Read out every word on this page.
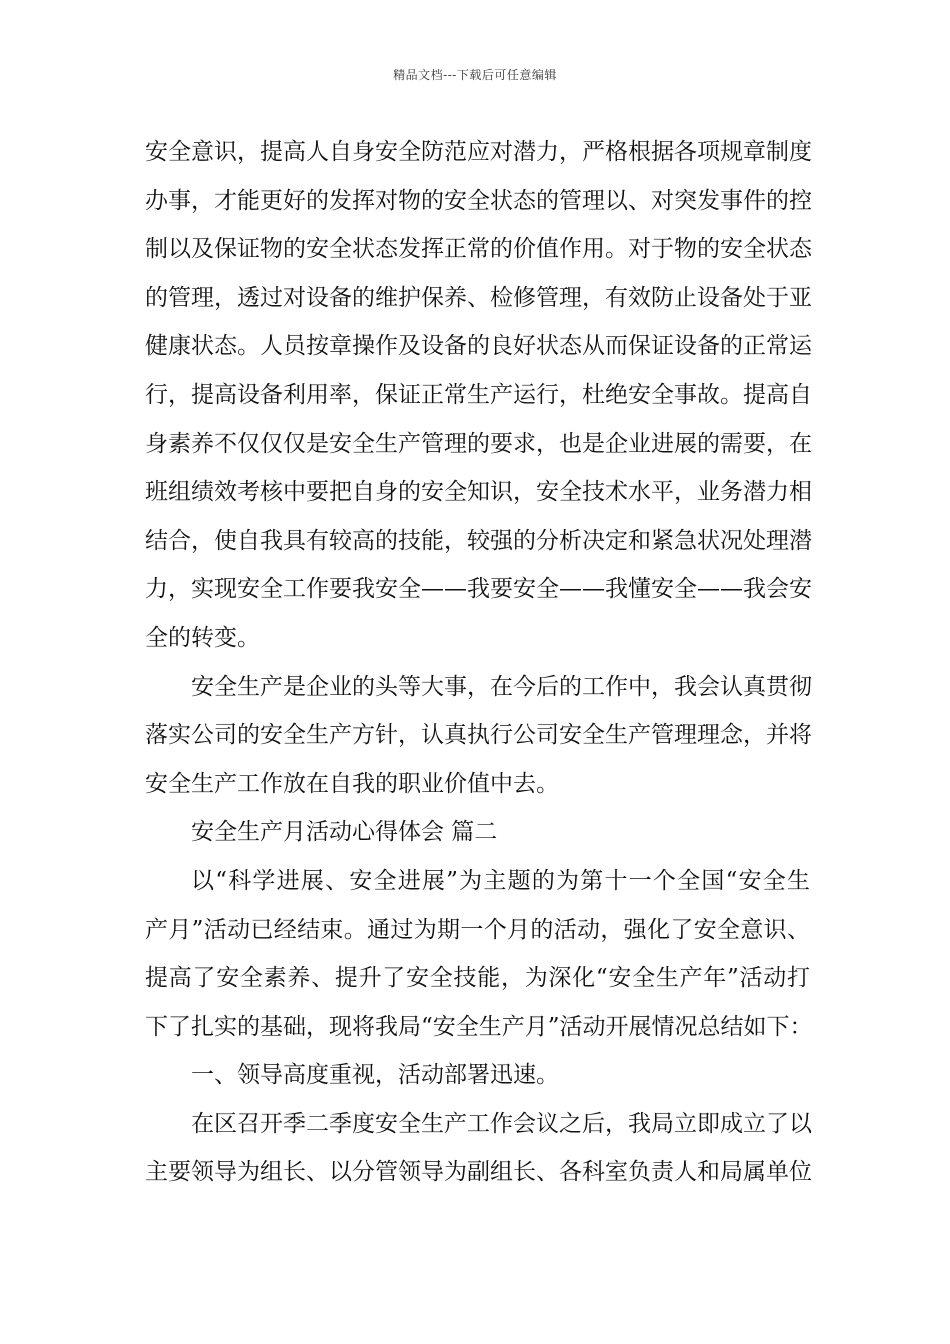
精品文档---下载后可任意编辑
安全意识，提高人自身安全防范应对潜力，严格根据各项规章制度
办事，才能更好的发挥对物的安全状态的管理以、对突发事件的控
制以及保证物的安全状态发挥正常的价值作用。对于物的安全状态
的管理，透过对设备的维护保养、检修管理，有效防止设备处于亚
健康状态。人员按章操作及设备的良好状态从而保证设备的正常运
行，提高设备利用率，保证正常生产运行，杜绝安全事故。提高自
身素养不仅仅仅是安全生产管理的要求，也是企业进展的需要，在
班组绩效考核中要把自身的安全知识，安全技术水平，业务潜力相
结合，使自我具有较高的技能，较强的分析决定和紧急状况处理潜
力，实现安全工作要我安全——我要安全——我懂安全——我会安
全的转变。
安全生产是企业的头等大事，在今后的工作中，我会认真贯彻
落实公司的安全生产方针，认真执行公司安全生产管理理念，并将
安全生产工作放在自我的职业价值中去。
安全生产月活动心得体会 篇二
以“科学进展、安全进展”为主题的为第十一个全国“安全生
产月”活动已经结束。通过为期一个月的活动，强化了安全意识、
提高了安全素养、提升了安全技能，为深化“安全生产年”活动打
下了扎实的基础，现将我局“安全生产月”活动开展情况总结如下：
一、领导高度重视，活动部署迅速。
在区召开季二季度安全生产工作会议之后，我局立即成立了以
主要领导为组长、以分管领导为副组长、各科室负责人和局属单位
